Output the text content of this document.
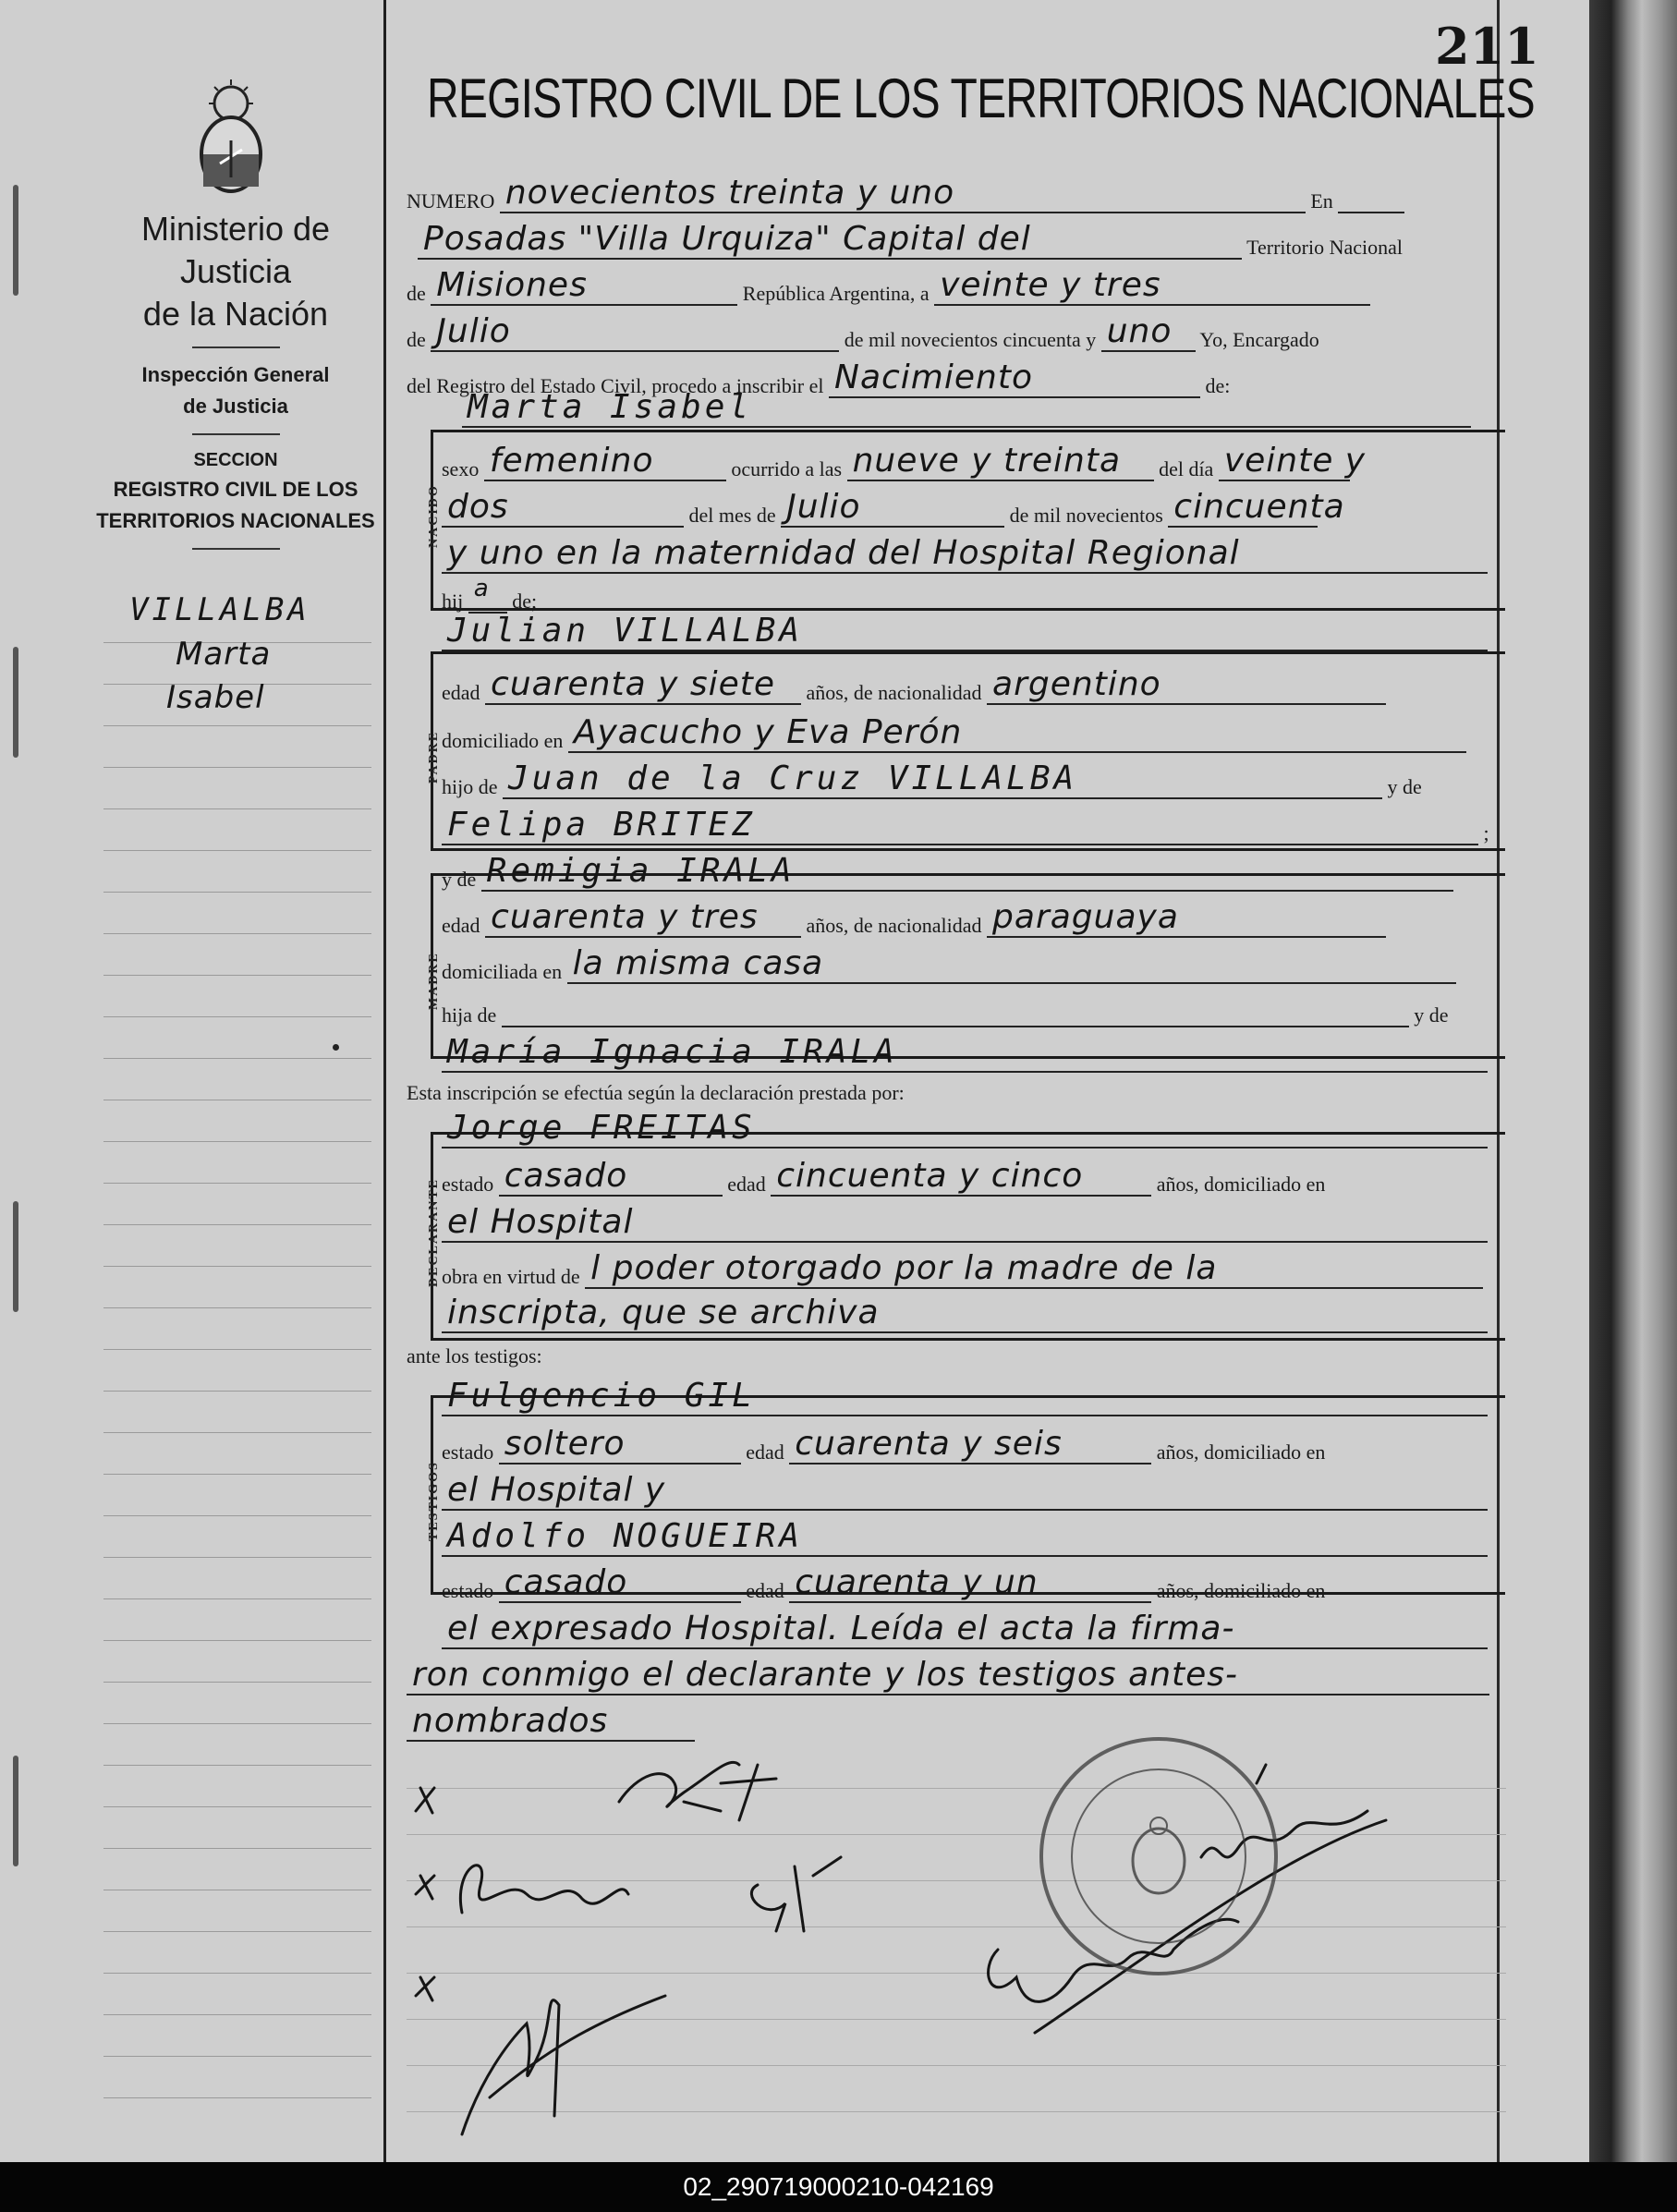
Ministerio de Justicia
de la Nación
Inspección General
de Justicia
SECCION
REGISTRO CIVIL DE LOS
TERRITORIOS NACIONALES
VILLALBA
Marta
Isabel
REGISTRO CIVIL DE LOS TERRITORIOS NACIONALES
211
NUMERO novecientos treinta y uno	En
Posadas "Villa Urquiza" Capital del	Territorio Nacional
de Misiones	República Argentina, a veinte y tres
de Julio	de mil novecientos cincuenta y uno Yo, Encargado
del Registro del Estado Civil, procedo a inscribir el Nacimiento	de:
Marta Isabel
NACIDO
sexo femenino	ocurrido a las nueve y treinta del día veinte y
dos	del mes de Julio	de mil novecientos cincuenta
y uno en la maternidad del Hospital Regional
hij a de;
PADRE
Julian VILLALBA
edad cuarenta y siete años, de nacionalidad argentino
domiciliado en Ayacucho y Eva Perón
hijo de Juan de la Cruz VILLALBA	y de
Felipa BRITEZ	;
MADRE
y de Remigia IRALA
edad cuarenta y tres años, de nacionalidad paraguaya
domiciliada en la misma casa
hija de	y de
María Ignacia IRALA
Esta inscripción se efectúa según la declaración prestada por:
DECLARANTE
Jorge FREITAS
estado casado	edad cincuenta y cinco	años, domiciliado en
el Hospital
obra en virtud de l poder otorgado por la madre de la
inscripta, que se archiva
ante los testigos:
TESTIGOS
Fulgencio GIL
estado soltero	edad cuarenta y seis	años, domiciliado en
el Hospital y
Adolfo NOGUEIRA
estado casado	edad cuarenta y un	años, domiciliado en
el expresado Hospital. Leída el acta la firma-
ron conmigo el declarante y los testigos antes-
nombrados
02_290719000210-042169
